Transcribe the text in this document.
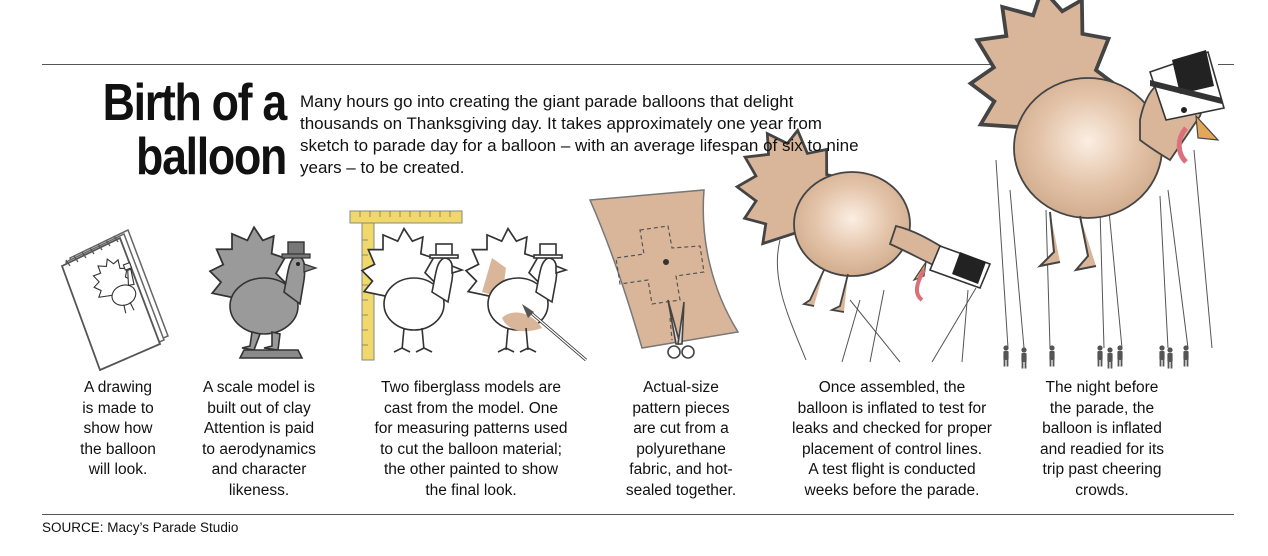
Birth of a
balloon
Many hours go into creating the giant parade balloons that delight thousands on Thanksgiving day. It takes approximately one year from sketch to parade day for a balloon – with an average lifespan of six to nine years – to be created.
A drawing
is made to
show how
the balloon
will look.
A scale model is
built out of clay
Attention is paid
to aerodynamics
and character
likeness.
Two fiberglass models are
cast from the model. One
for measuring patterns used
to cut the balloon material;
the other painted to show
the final look.
Actual-size
pattern pieces
are cut from a
polyurethane
fabric, and hot-
sealed together.
Once assembled, the
balloon is inflated to test for
leaks and checked for proper
placement of control lines.
A test flight is conducted
weeks before the parade.
The night before
the parade, the
balloon is inflated
and readied for its
trip past cheering
crowds.
SOURCE: Macy’s Parade Studio
